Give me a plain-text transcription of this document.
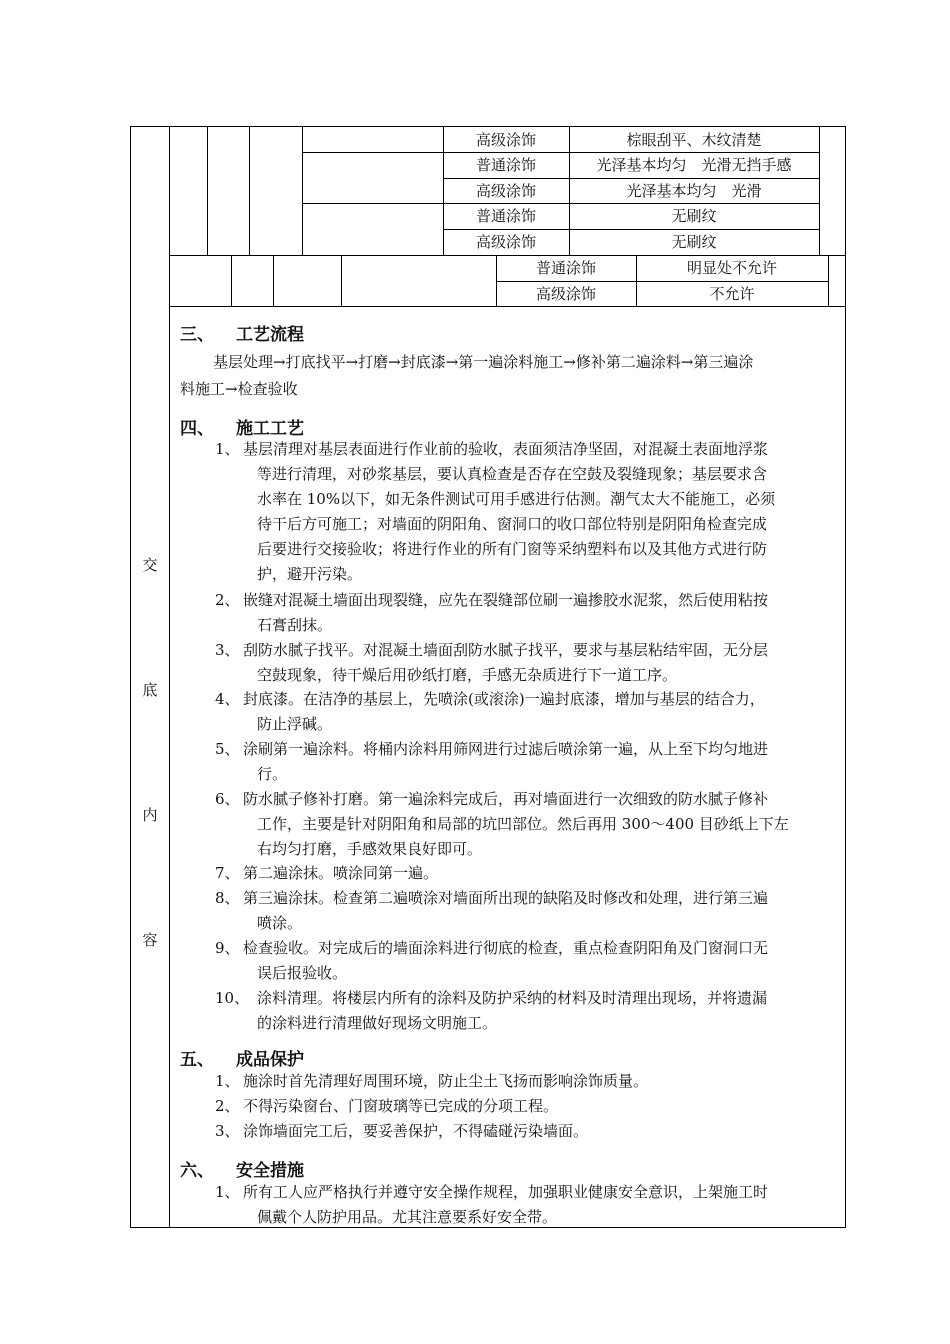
交
底
内
容
高级涂饰	棕眼刮平、木纹清楚
普通涂饰	光泽基本均匀　光滑无挡手感
高级涂饰	光泽基本均匀　光滑
普通涂饰	无刷纹
高级涂饰	无刷纹
普通涂饰	明显处不允许
高级涂饰	不允许
三、 工艺流程
基层处理→打底找平→打磨→封底漆→第一遍涂料施工→修补第二遍涂料→第三遍涂
料施工→检查验收
四、 施工工艺
1、 基层清理对基层表面进行作业前的验收，表面须洁净坚固，对混凝土表面地浮浆
等进行清理，对砂浆基层，要认真检查是否存在空鼓及裂缝现象；基层要求含
水率在 10%以下，如无条件测试可用手感进行估测。潮气太大不能施工，必须
待干后方可施工；对墙面的阴阳角、窗洞口的收口部位特别是阴阳角检查完成
后要进行交接验收；将进行作业的所有门窗等采纳塑料布以及其他方式进行防
护，避开污染。
2、 嵌缝对混凝土墙面出现裂缝，应先在裂缝部位刷一遍掺胶水泥浆，然后使用粘按
石膏刮抹。
3、 刮防水腻子找平。对混凝土墙面刮防水腻子找平，要求与基层粘结牢固，无分层
空鼓现象，待干燥后用砂纸打磨，手感无杂质进行下一道工序。
4、 封底漆。在洁净的基层上，先喷涂(或滚涂)一遍封底漆，增加与基层的结合力，
防止浮碱。
5、 涂刷第一遍涂料。将桶内涂料用筛网进行过滤后喷涂第一遍，从上至下均匀地进
行。
6、 防水腻子修补打磨。第一遍涂料完成后，再对墙面进行一次细致的防水腻子修补
工作，主要是针对阴阳角和局部的坑凹部位。然后再用 300～400 目砂纸上下左
右均匀打磨，手感效果良好即可。
7、 第二遍涂抹。喷涂同第一遍。
8、 第三遍涂抹。检查第二遍喷涂对墙面所出现的缺陷及时修改和处理，进行第三遍
喷涂。
9、 检查验收。对完成后的墙面涂料进行彻底的检查，重点检查阴阳角及门窗洞口无
误后报验收。
10、 涂料清理。将楼层内所有的涂料及防护采纳的材料及时清理出现场，并将遗漏
的涂料进行清理做好现场文明施工。
五、 成品保护
1、 施涂时首先清理好周围环境，防止尘土飞扬而影响涂饰质量。
2、 不得污染窗台、门窗玻璃等已完成的分项工程。
3、 涂饰墙面完工后，要妥善保护，不得磕碰污染墙面。
六、 安全措施
1、 所有工人应严格执行并遵守安全操作规程，加强职业健康安全意识，上架施工时
佩戴个人防护用品。尤其注意要系好安全带。
